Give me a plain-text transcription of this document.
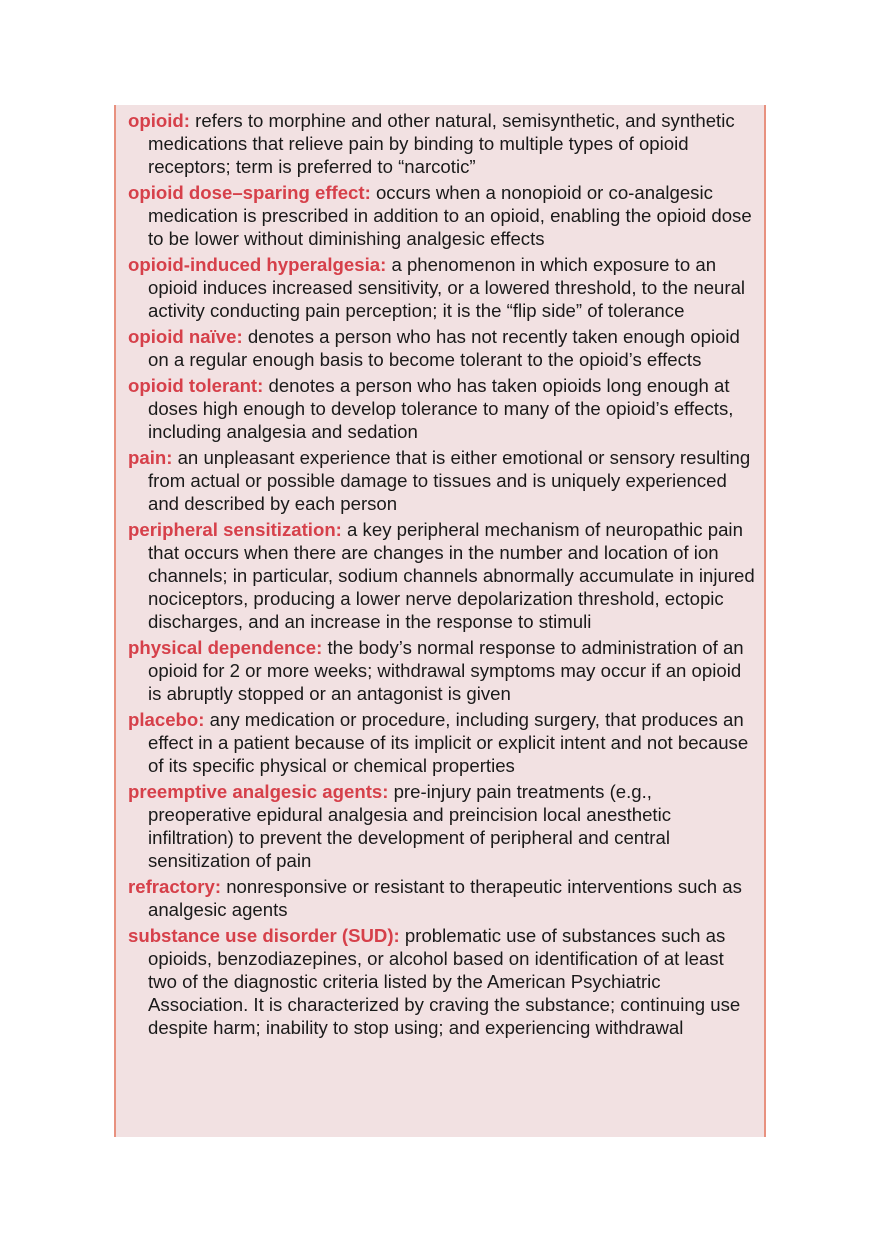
opioid: refers to morphine and other natural, semisynthetic, and synthetic medications that relieve pain by binding to multiple types of opioid receptors; term is preferred to “narcotic”
opioid dose–sparing effect: occurs when a nonopioid or co-analgesic medication is prescribed in addition to an opioid, enabling the opioid dose to be lower without diminishing analgesic effects
opioid-induced hyperalgesia: a phenomenon in which exposure to an opioid induces increased sensitivity, or a lowered threshold, to the neural activity conducting pain perception; it is the “flip side” of tolerance
opioid naïve: denotes a person who has not recently taken enough opioid on a regular enough basis to become tolerant to the opioid’s effects
opioid tolerant: denotes a person who has taken opioids long enough at doses high enough to develop tolerance to many of the opioid’s effects, including analgesia and sedation
pain: an unpleasant experience that is either emotional or sensory resulting from actual or possible damage to tissues and is uniquely experienced and described by each person
peripheral sensitization: a key peripheral mechanism of neuropathic pain that occurs when there are changes in the number and location of ion channels; in particular, sodium channels abnormally accumulate in injured nociceptors, producing a lower nerve depolarization threshold, ectopic discharges, and an increase in the response to stimuli
physical dependence: the body’s normal response to administration of an opioid for 2 or more weeks; withdrawal symptoms may occur if an opioid is abruptly stopped or an antagonist is given
placebo: any medication or procedure, including surgery, that produces an effect in a patient because of its implicit or explicit intent and not because of its specific physical or chemical properties
preemptive analgesic agents: pre-injury pain treatments (e.g., preoperative epidural analgesia and preincision local anesthetic infiltration) to prevent the development of peripheral and central sensitization of pain
refractory: nonresponsive or resistant to therapeutic interventions such as analgesic agents
substance use disorder (SUD): problematic use of substances such as opioids, benzodiazepines, or alcohol based on identification of at least two of the diagnostic criteria listed by the American Psychiatric Association. It is characterized by craving the substance; continuing use despite harm; inability to stop using; and experiencing withdrawal
